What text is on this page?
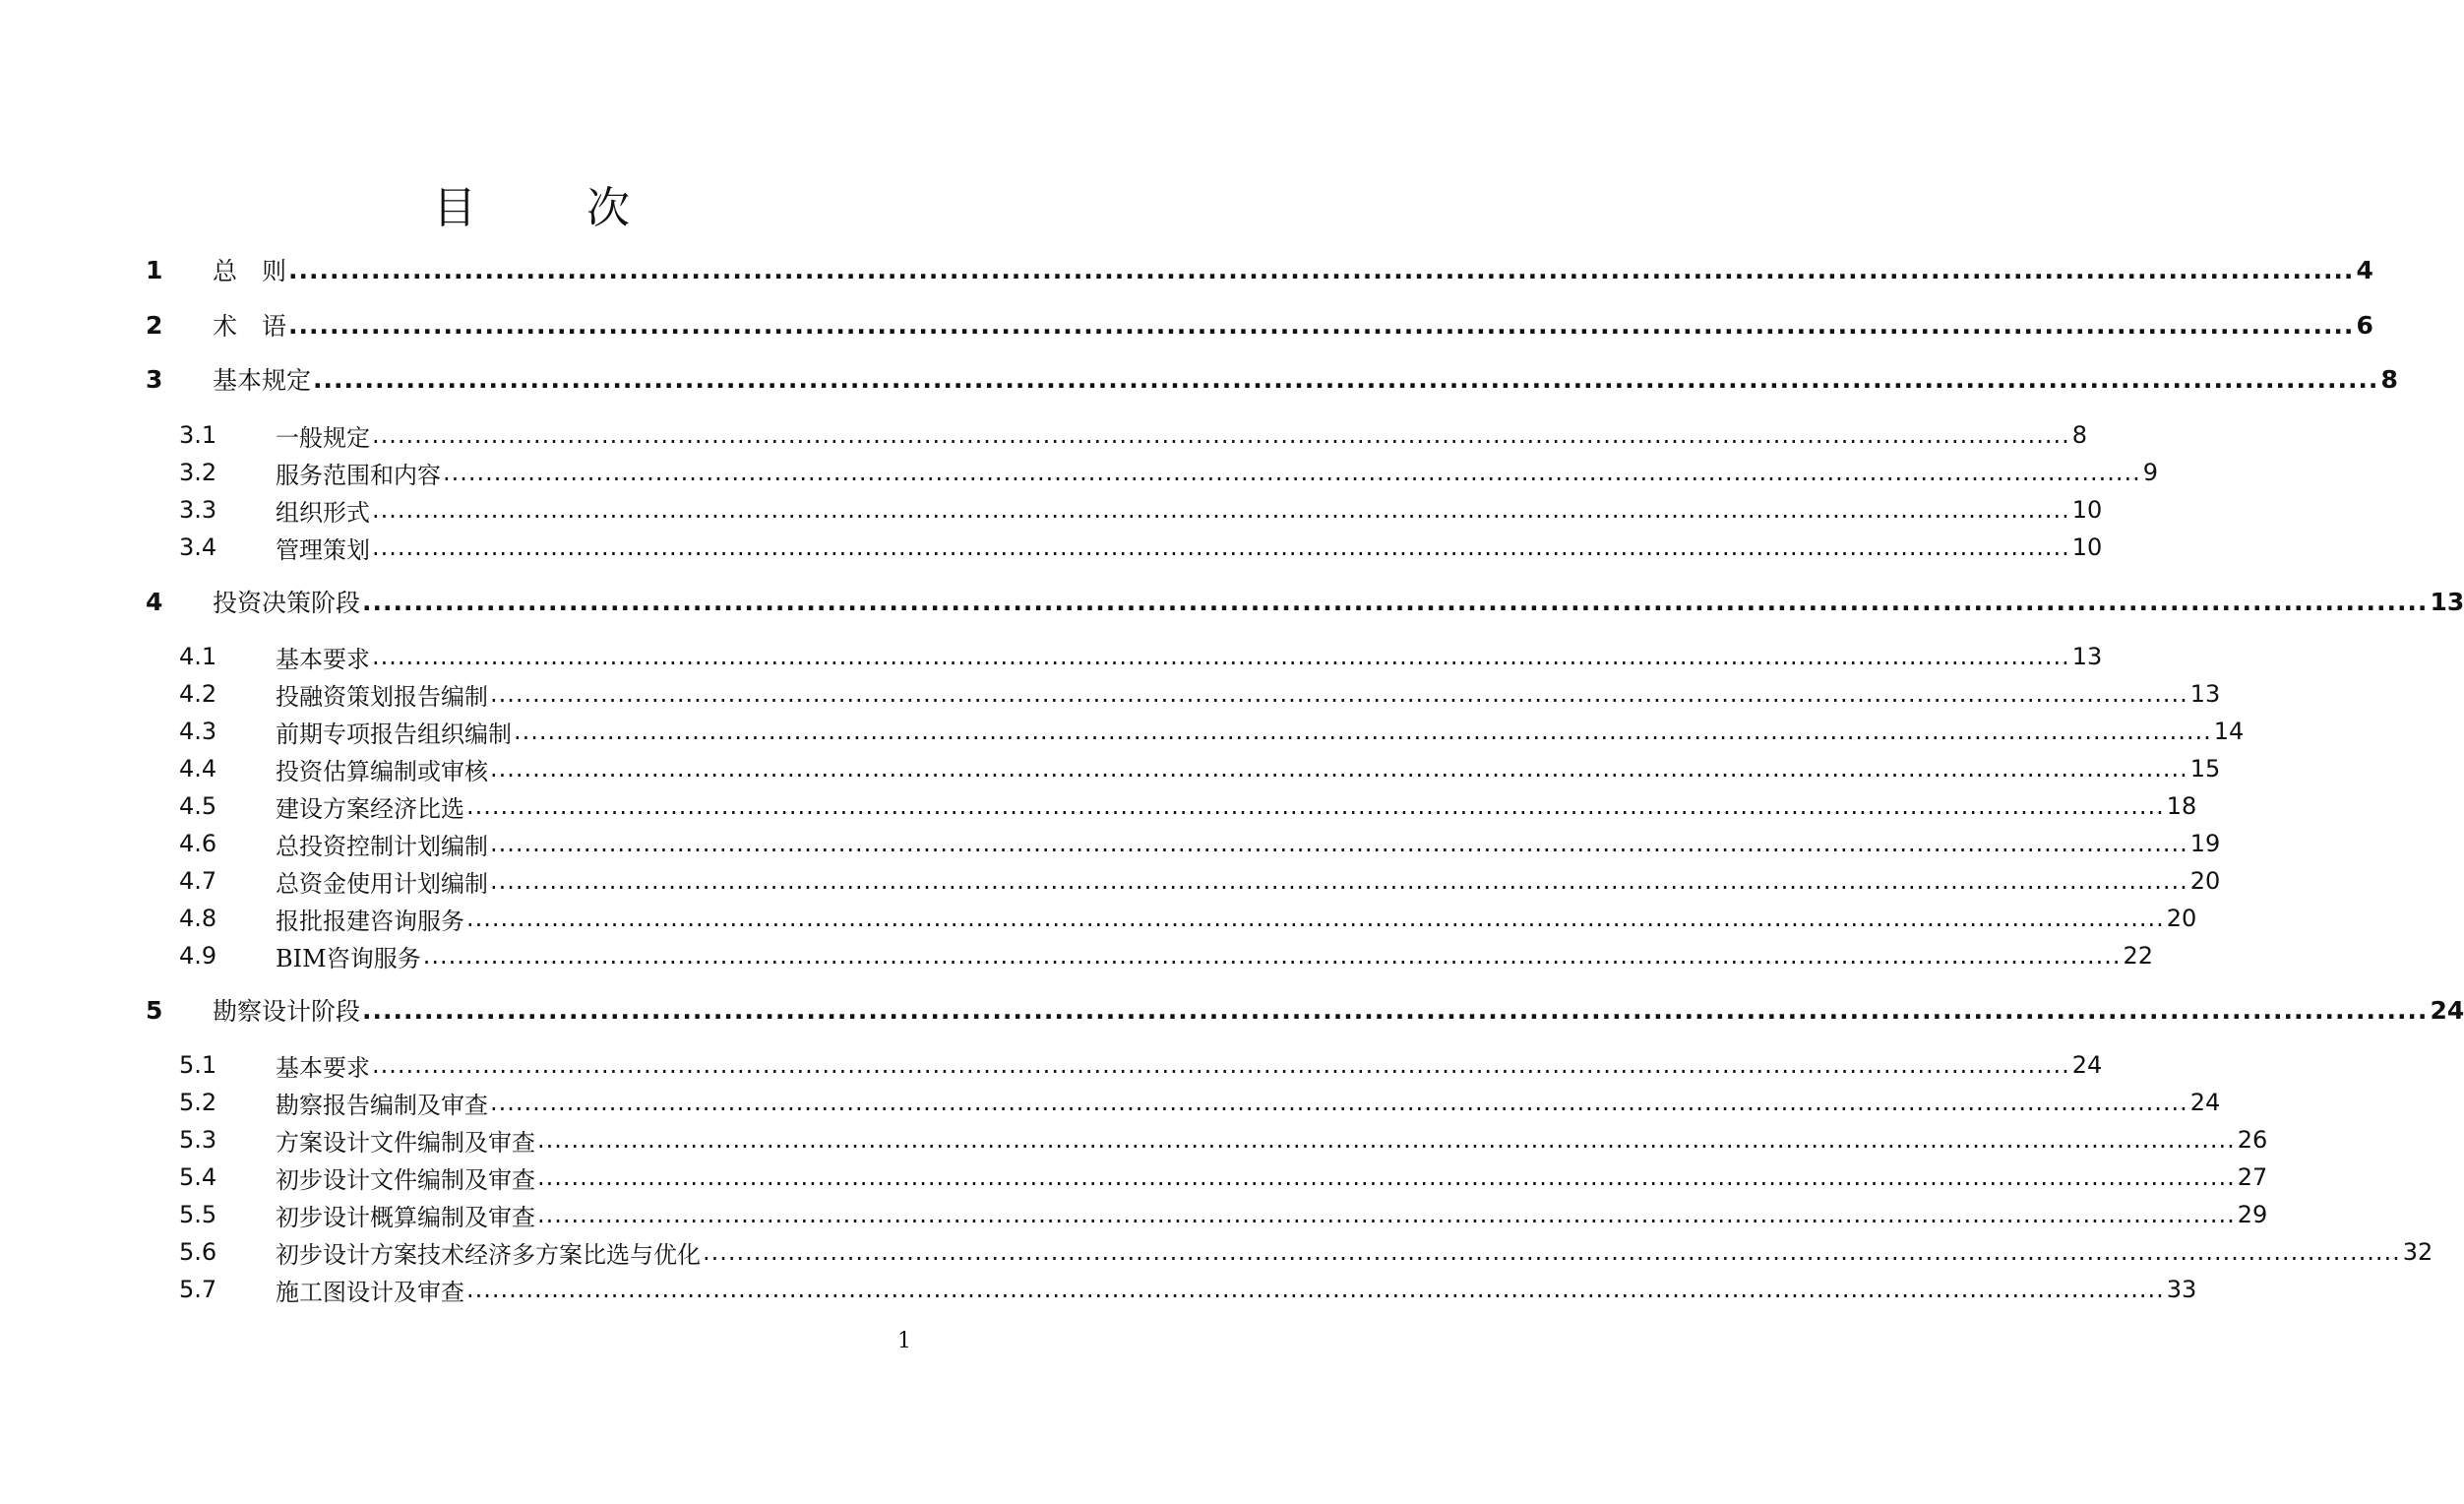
目　次
1	总　则 ........................................................................................................................................................................................................ 4
2	术　语 ........................................................................................................................................................................................................ 6
3	基本规定 ........................................................................................................................................................................................................ 8
3.1	一般规定 ........................................................................................................................................................................................................ 8
3.2	服务范围和内容 ........................................................................................................................................................................................................ 9
3.3	组织形式 ........................................................................................................................................................................................................ 10
3.4	管理策划 ........................................................................................................................................................................................................ 10
4	投资决策阶段 ........................................................................................................................................................................................................ 13
4.1	基本要求 ........................................................................................................................................................................................................ 13
4.2	投融资策划报告编制 ........................................................................................................................................................................................................ 13
4.3	前期专项报告组织编制 ........................................................................................................................................................................................................ 14
4.4	投资估算编制或审核 ........................................................................................................................................................................................................ 15
4.5	建设方案经济比选 ........................................................................................................................................................................................................ 18
4.6	总投资控制计划编制 ........................................................................................................................................................................................................ 19
4.7	总资金使用计划编制 ........................................................................................................................................................................................................ 20
4.8	报批报建咨询服务 ........................................................................................................................................................................................................ 20
4.9	BIM咨询服务 ........................................................................................................................................................................................................ 22
5	勘察设计阶段 ........................................................................................................................................................................................................ 24
5.1	基本要求 ........................................................................................................................................................................................................ 24
5.2	勘察报告编制及审查 ........................................................................................................................................................................................................ 24
5.3	方案设计文件编制及审查 ........................................................................................................................................................................................................ 26
5.4	初步设计文件编制及审查 ........................................................................................................................................................................................................ 27
5.5	初步设计概算编制及审查 ........................................................................................................................................................................................................ 29
5.6	初步设计方案技术经济多方案比选与优化 ........................................................................................................................................................................................................ 32
5.7	施工图设计及审查 ........................................................................................................................................................................................................ 33
1
